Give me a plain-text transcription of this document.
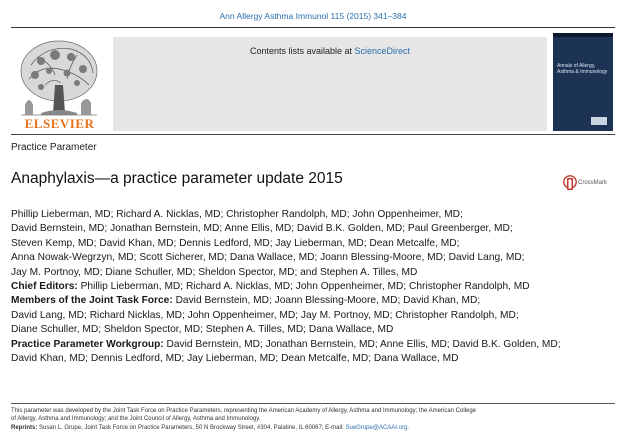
Ann Allergy Asthma Immunol 115 (2015) 341–384
ELSEVIER
Contents lists available at ScienceDirect
Annals of Allergy, Asthma & Immunology
Practice Parameter
Anaphylaxis—a practice parameter update 2015	CrossMark
Phillip Lieberman, MD; Richard A. Nicklas, MD; Christopher Randolph, MD; John Oppenheimer, MD;
David Bernstein, MD; Jonathan Bernstein, MD; Anne Ellis, MD; David B.K. Golden, MD; Paul Greenberger, MD;
Steven Kemp, MD; David Khan, MD; Dennis Ledford, MD; Jay Lieberman, MD; Dean Metcalfe, MD;
Anna Nowak-Wegrzyn, MD; Scott Sicherer, MD; Dana Wallace, MD; Joann Blessing-Moore, MD; David Lang, MD;
Jay M. Portnoy, MD; Diane Schuller, MD; Sheldon Spector, MD; and Stephen A. Tilles, MD
Chief Editors: Phillip Lieberman, MD; Richard A. Nicklas, MD; John Oppenheimer, MD; Christopher Randolph, MD
Members of the Joint Task Force: David Bernstein, MD; Joann Blessing-Moore, MD; David Khan, MD;
David Lang, MD; Richard Nicklas, MD; John Oppenheimer, MD; Jay M. Portnoy, MD; Christopher Randolph, MD;
Diane Schuller, MD; Sheldon Spector, MD; Stephen A. Tilles, MD; Dana Wallace, MD
Practice Parameter Workgroup: David Bernstein, MD; Jonathan Bernstein, MD; Anne Ellis, MD; David B.K. Golden, MD;
David Khan, MD; Dennis Ledford, MD; Jay Lieberman, MD; Dean Metcalfe, MD; Dana Wallace, MD
This parameter was developed by the Joint Task Force on Practice Parameters, representing the American Academy of Allergy, Asthma and Immunology; the American College
of Allergy, Asthma and Immunology; and the Joint Council of Allergy, Asthma and Immunology.
Reprints: Susan L. Grupe, Joint Task Force on Practice Parameters, 50 N Brockway Street, #304, Palatine, IL 60067; E-mail: SueGrupe@ACAAI.org.
